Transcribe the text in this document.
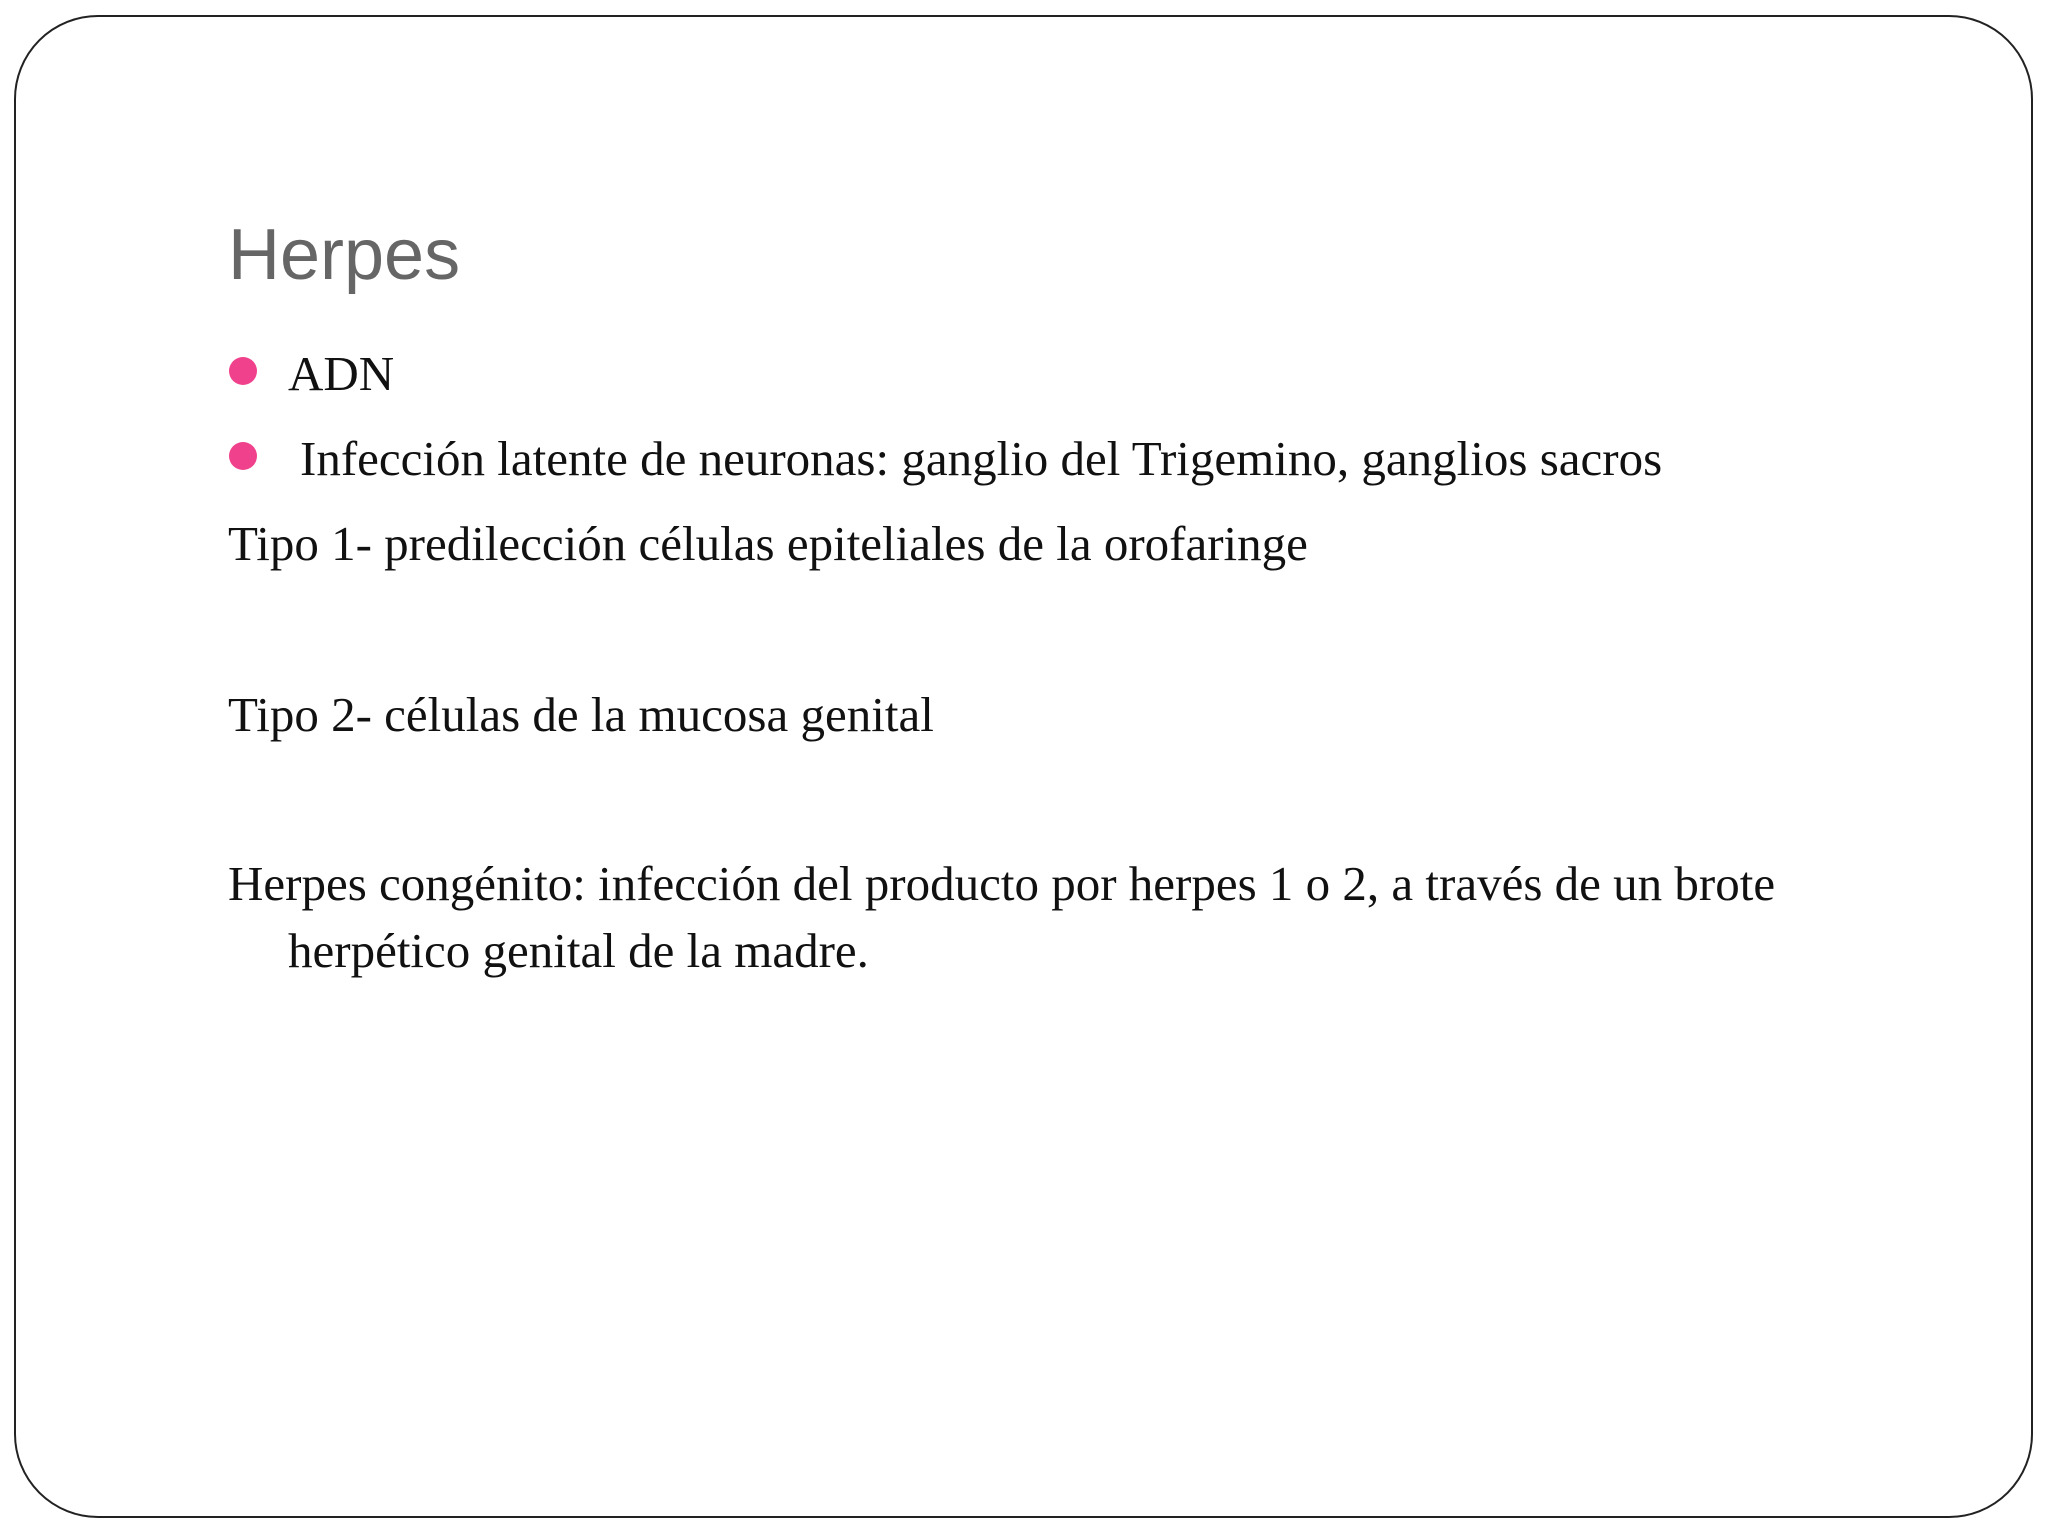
Herpes
ADN
Infección latente de neuronas: ganglio del Trigemino, ganglios sacros

Tipo 1- predilección células epiteliales de la orofaringe

Tipo 2- células de la mucosa genital

Herpes congénito: infección del producto por herpes 1 o 2, a través de un brote herpético genital de la madre.
